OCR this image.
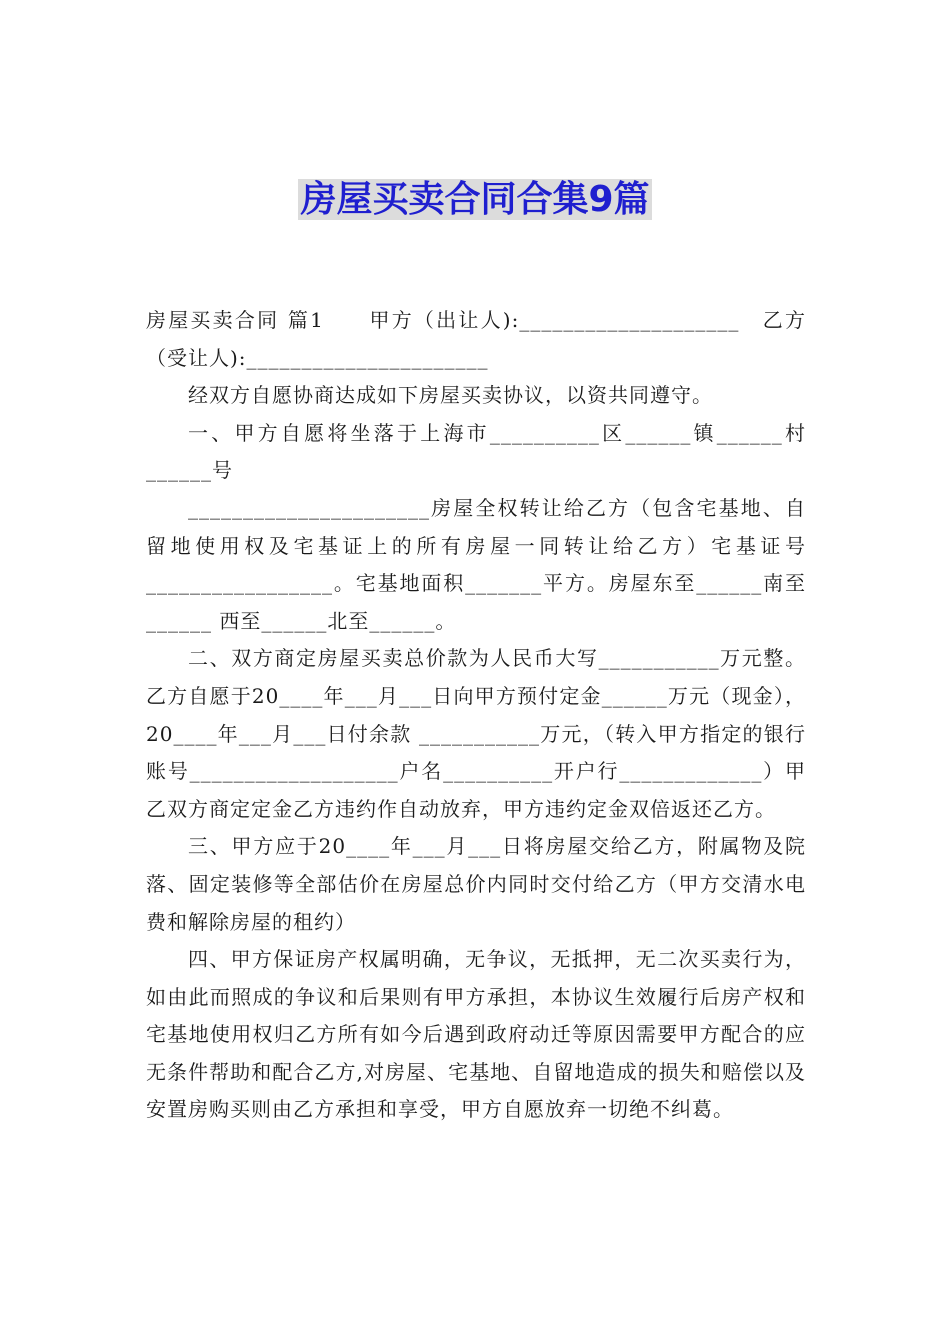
房屋买卖合同合集9篇

房屋买卖合同 篇1　　甲方（出让人):____________________　乙方（受让人):______________________

经双方自愿协商达成如下房屋买卖协议，以资共同遵守。

一、甲方自愿将坐落于上海市__________区______镇______村______号

______________________房屋全权转让给乙方（包含宅基地、自留地使用权及宅基证上的所有房屋一同转让给乙方）宅基证号_________________。宅基地面积_______平方。房屋东至______南至______ 西至______北至______。

二、双方商定房屋买卖总价款为人民币大写___________万元整。乙方自愿于20____年___月___日向甲方预付定金______万元（现金），20____年___月___日付余款 ___________万元，（转入甲方指定的银行账号___________________户名__________开户行_____________）甲乙双方商定定金乙方违约作自动放弃，甲方违约定金双倍返还乙方。

三、甲方应于20____年___月___日将房屋交给乙方，附属物及院落、固定装修等全部估价在房屋总价内同时交付给乙方（甲方交清水电费和解除房屋的租约）

四、甲方保证房产权属明确，无争议，无抵押，无二次买卖行为，如由此而照成的争议和后果则有甲方承担，本协议生效履行后房产权和宅基地使用权归乙方所有如今后遇到政府动迁等原因需要甲方配合的应无条件帮助和配合乙方,对房屋、宅基地、自留地造成的损失和赔偿以及安置房购买则由乙方承担和享受，甲方自愿放弃一切绝不纠葛。
